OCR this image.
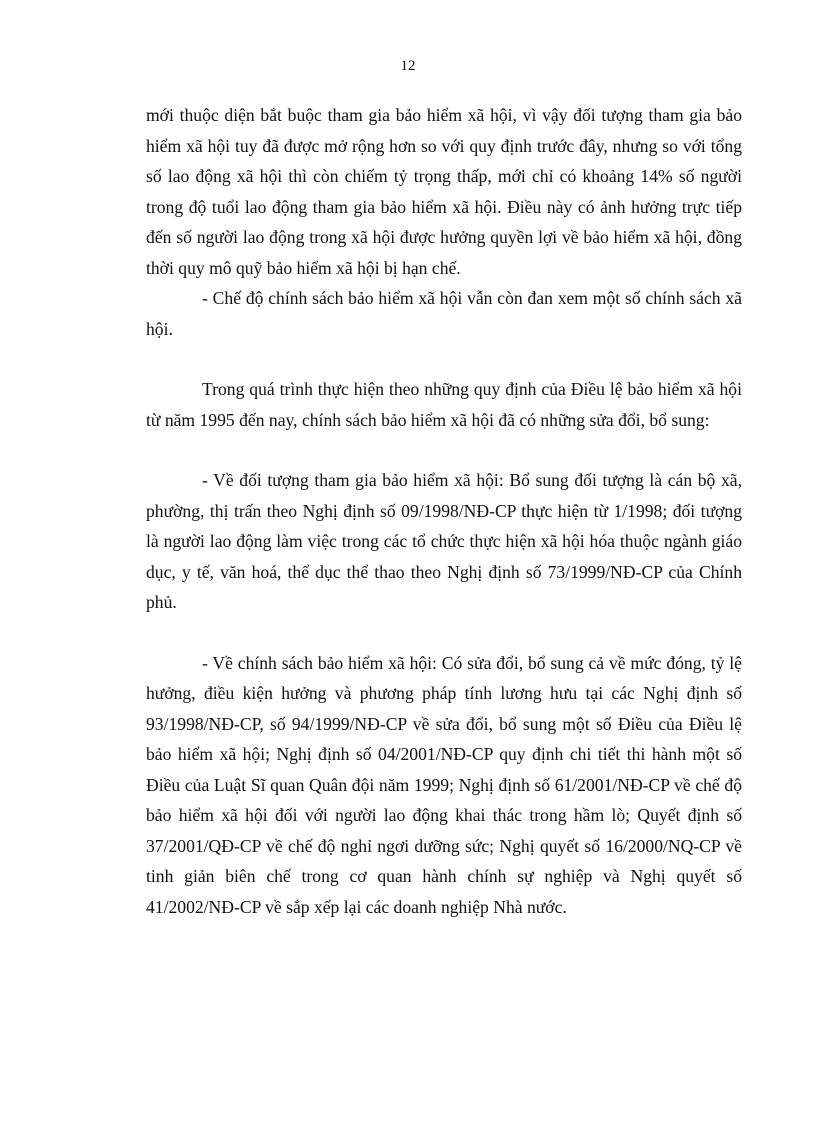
12

mới thuộc diện bắt buộc tham gia bảo hiểm xã hội, vì vậy đối tượng tham gia bảo hiểm xã hội tuy đã được mở rộng hơn so với quy định trước đây, nhưng so với tổng số lao động xã hội thì còn chiếm tỷ trọng thấp, mới chỉ có khoảng 14% số người trong độ tuổi lao động tham gia bảo hiểm xã hội. Điều này có ảnh hưởng trực tiếp đến số người lao động trong xã hội được hưởng quyền lợi về bảo hiểm xã hội, đồng thời quy mô quỹ bảo hiểm xã hội bị hạn chế.

- Chế độ chính sách bảo hiểm xã hội vẫn còn đan xem một số chính sách xã hội.

Trong quá trình thực hiện theo những quy định của Điều lệ bảo hiểm xã hội từ năm 1995 đến nay, chính sách bảo hiểm xã hội đã có những sửa đổi, bổ sung:

- Về đối tượng tham gia bảo hiểm xã hội: Bổ sung đối tượng là cán bộ xã, phường, thị trấn theo Nghị định số 09/1998/NĐ-CP thực hiện từ 1/1998; đối tượng là người lao động làm việc trong các tổ chức thực hiện xã hội hóa thuộc ngành giáo dục, y tế, văn hoá, thể dục thể thao theo Nghị định số 73/1999/NĐ-CP của Chính phủ.

- Về chính sách bảo hiểm xã hội: Có sửa đổi, bổ sung cả về mức đóng, tỷ lệ hưởng, điều kiện hưởng và phương pháp tính lương hưu tại các Nghị định số 93/1998/NĐ-CP, số 94/1999/NĐ-CP về sửa đổi, bổ sung một số Điều của Điều lệ bảo hiểm xã hội; Nghị định số 04/2001/NĐ-CP quy định chi tiết thi hành một số Điều của Luật Sĩ quan Quân đội năm 1999; Nghị định số 61/2001/NĐ-CP về chế độ bảo hiểm xã hội đối với người lao động khai thác trong hầm lò; Quyết định số 37/2001/QĐ-CP về chế độ nghỉ ngơi dưỡng sức; Nghị quyết số 16/2000/NQ-CP về tinh giản biên chế trong cơ quan hành chính sự nghiệp và Nghị quyết số 41/2002/NĐ-CP về sắp xếp lại các doanh nghiệp Nhà nước.
